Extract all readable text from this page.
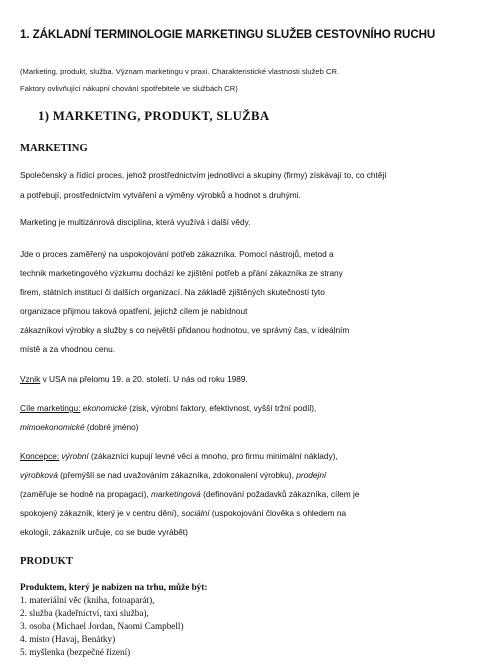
1. ZÁKLADNÍ TERMINOLOGIE MARKETINGU SLUŽEB CESTOVNÍHO RUCHU
(Marketing, produkt, služba. Význam marketingu v praxi. Charakteristické vlastnosti služeb CR.
Faktory ovlivňující nákupní chování spotřebitele ve službách CR)
1) MARKETING, PRODUKT, SLUŽBA
MARKETING
Společenský a řídící proces, jehož prostřednictvím jednotlivci a skupiny (firmy) získávají to, co chtějí
a potřebují, prostřednictvím vytváření a výměny výrobků a hodnot s druhými.
Marketing je multizánrová disciplína, která využívá i další vědy.
Jde o proces zaměřený na uspokojování potřeb zákazníka. Pomocí nástrojů, metod a
technik marketingového výzkumu dochází ke zjištění potřeb a přání zákazníka ze strany
firem, státních institucí či dalších organizací. Na základě zjištěných skutečností tyto
organizace přijmou taková opatření, jejichž cílem je nabídnout
zákazníkovi výrobky a služby s co největší přidanou hodnotou, ve správný čas, v ideálním
místě a za vhodnou cenu.
Vznik v USA na přelomu 19. a 20. století. U nás od roku 1989.
Cíle marketingu: ekonomické (zisk, výrobní faktory, efektivnost, vyšší tržní podíl),
mimoekonomické (dobré jméno)
Koncepce: výrobní (zákazníci kupují levné věci a mnoho, pro firmu minimální náklady),
výrobková (přemýšlí se nad uvažováním zákazníka, zdokonalení výrobku), prodejní
(zaměřuje se hodně na propagaci), marketingová (definování požadavků zákazníka, cílem je
spokojený zákazník, který je v centru dění), sociální (uspokojování člověka s ohledem na
ekologii, zákazník určuje, co se bude vyrábět)
PRODUKT
Produktem, který je nabízen na trhu, může být:
1. materiální věc (kniha, fotoaparát),
2. služba (kadeřnictví, taxi služba),
3. osoba (Michael Jordan, Naomi Campbell)
4. místo (Havaj, Benátky)
5. myšlenka (bezpečné řízení)
